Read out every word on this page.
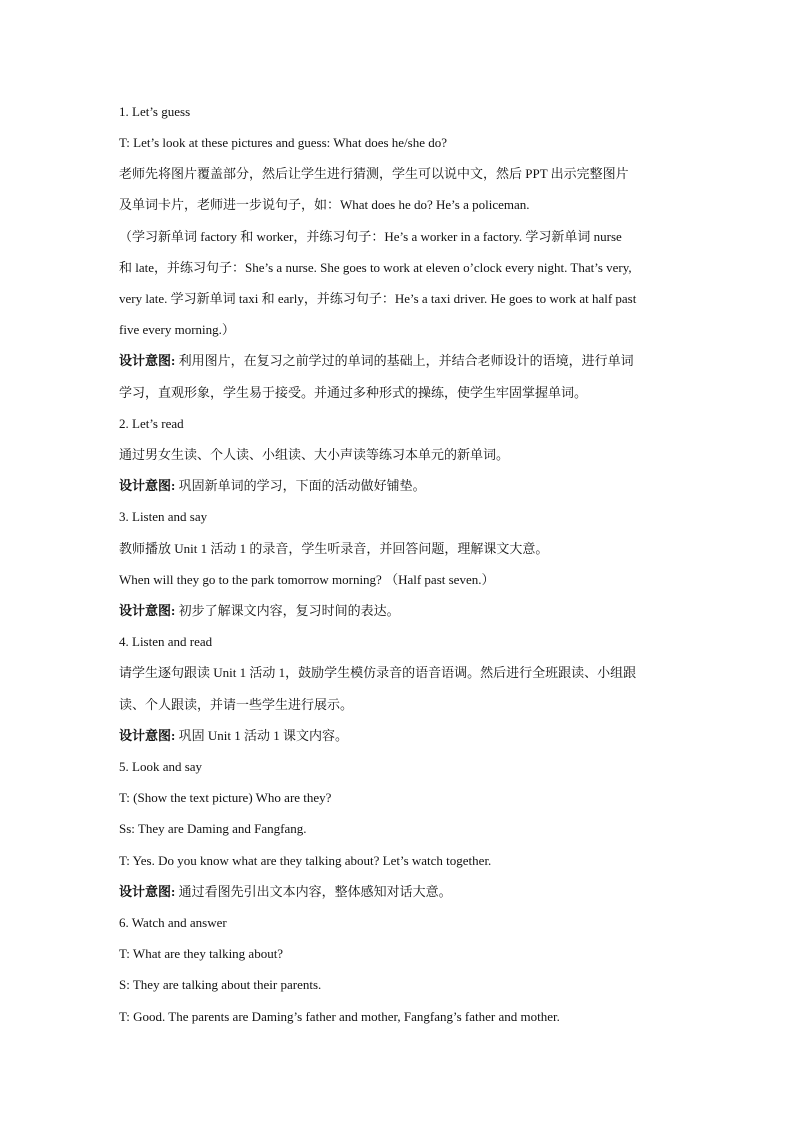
1. Let’s guess
T: Let’s look at these pictures and guess: What does he/she do?
老师先将图片覆盖部分，然后让学生进行猜测，学生可以说中文，然后 PPT 出示完整图片
及单词卡片，老师进一步说句子，如：What does he do? He’s a policeman.
（学习新单词 factory 和 worker，并练习句子：He’s a worker in a factory. 学习新单词 nurse
和 late，并练习句子：She’s a nurse. She goes to work at eleven o’clock every night. That’s very,
very late. 学习新单词 taxi 和 early，并练习句子：He’s a taxi driver. He goes to work at half past
five every morning.）
设计意图: 利用图片，在复习之前学过的单词的基础上，并结合老师设计的语境，进行单词
学习，直观形象，学生易于接受。并通过多种形式的操练，使学生牢固掌握单词。
2. Let’s read
通过男女生读、个人读、小组读、大小声读等练习本单元的新单词。
设计意图: 巩固新单词的学习，下面的活动做好铺垫。
3. Listen and say
教师播放 Unit 1 活动 1 的录音，学生听录音，并回答问题，理解课文大意。
When will they go to the park tomorrow morning? （Half past seven.）
设计意图: 初步了解课文内容，复习时间的表达。
4. Listen and read
请学生逐句跟读 Unit 1 活动 1，鼓励学生模仿录音的语音语调。然后进行全班跟读、小组跟
读、个人跟读，并请一些学生进行展示。
设计意图: 巩固 Unit 1 活动 1 课文内容。
5. Look and say
T: (Show the text picture) Who are they?
Ss: They are Daming and Fangfang.
T: Yes. Do you know what are they talking about? Let’s watch together.
设计意图: 通过看图先引出文本内容，整体感知对话大意。
6. Watch and answer
T: What are they talking about?
S: They are talking about their parents.
T: Good. The parents are Daming’s father and mother, Fangfang’s father and mother.
